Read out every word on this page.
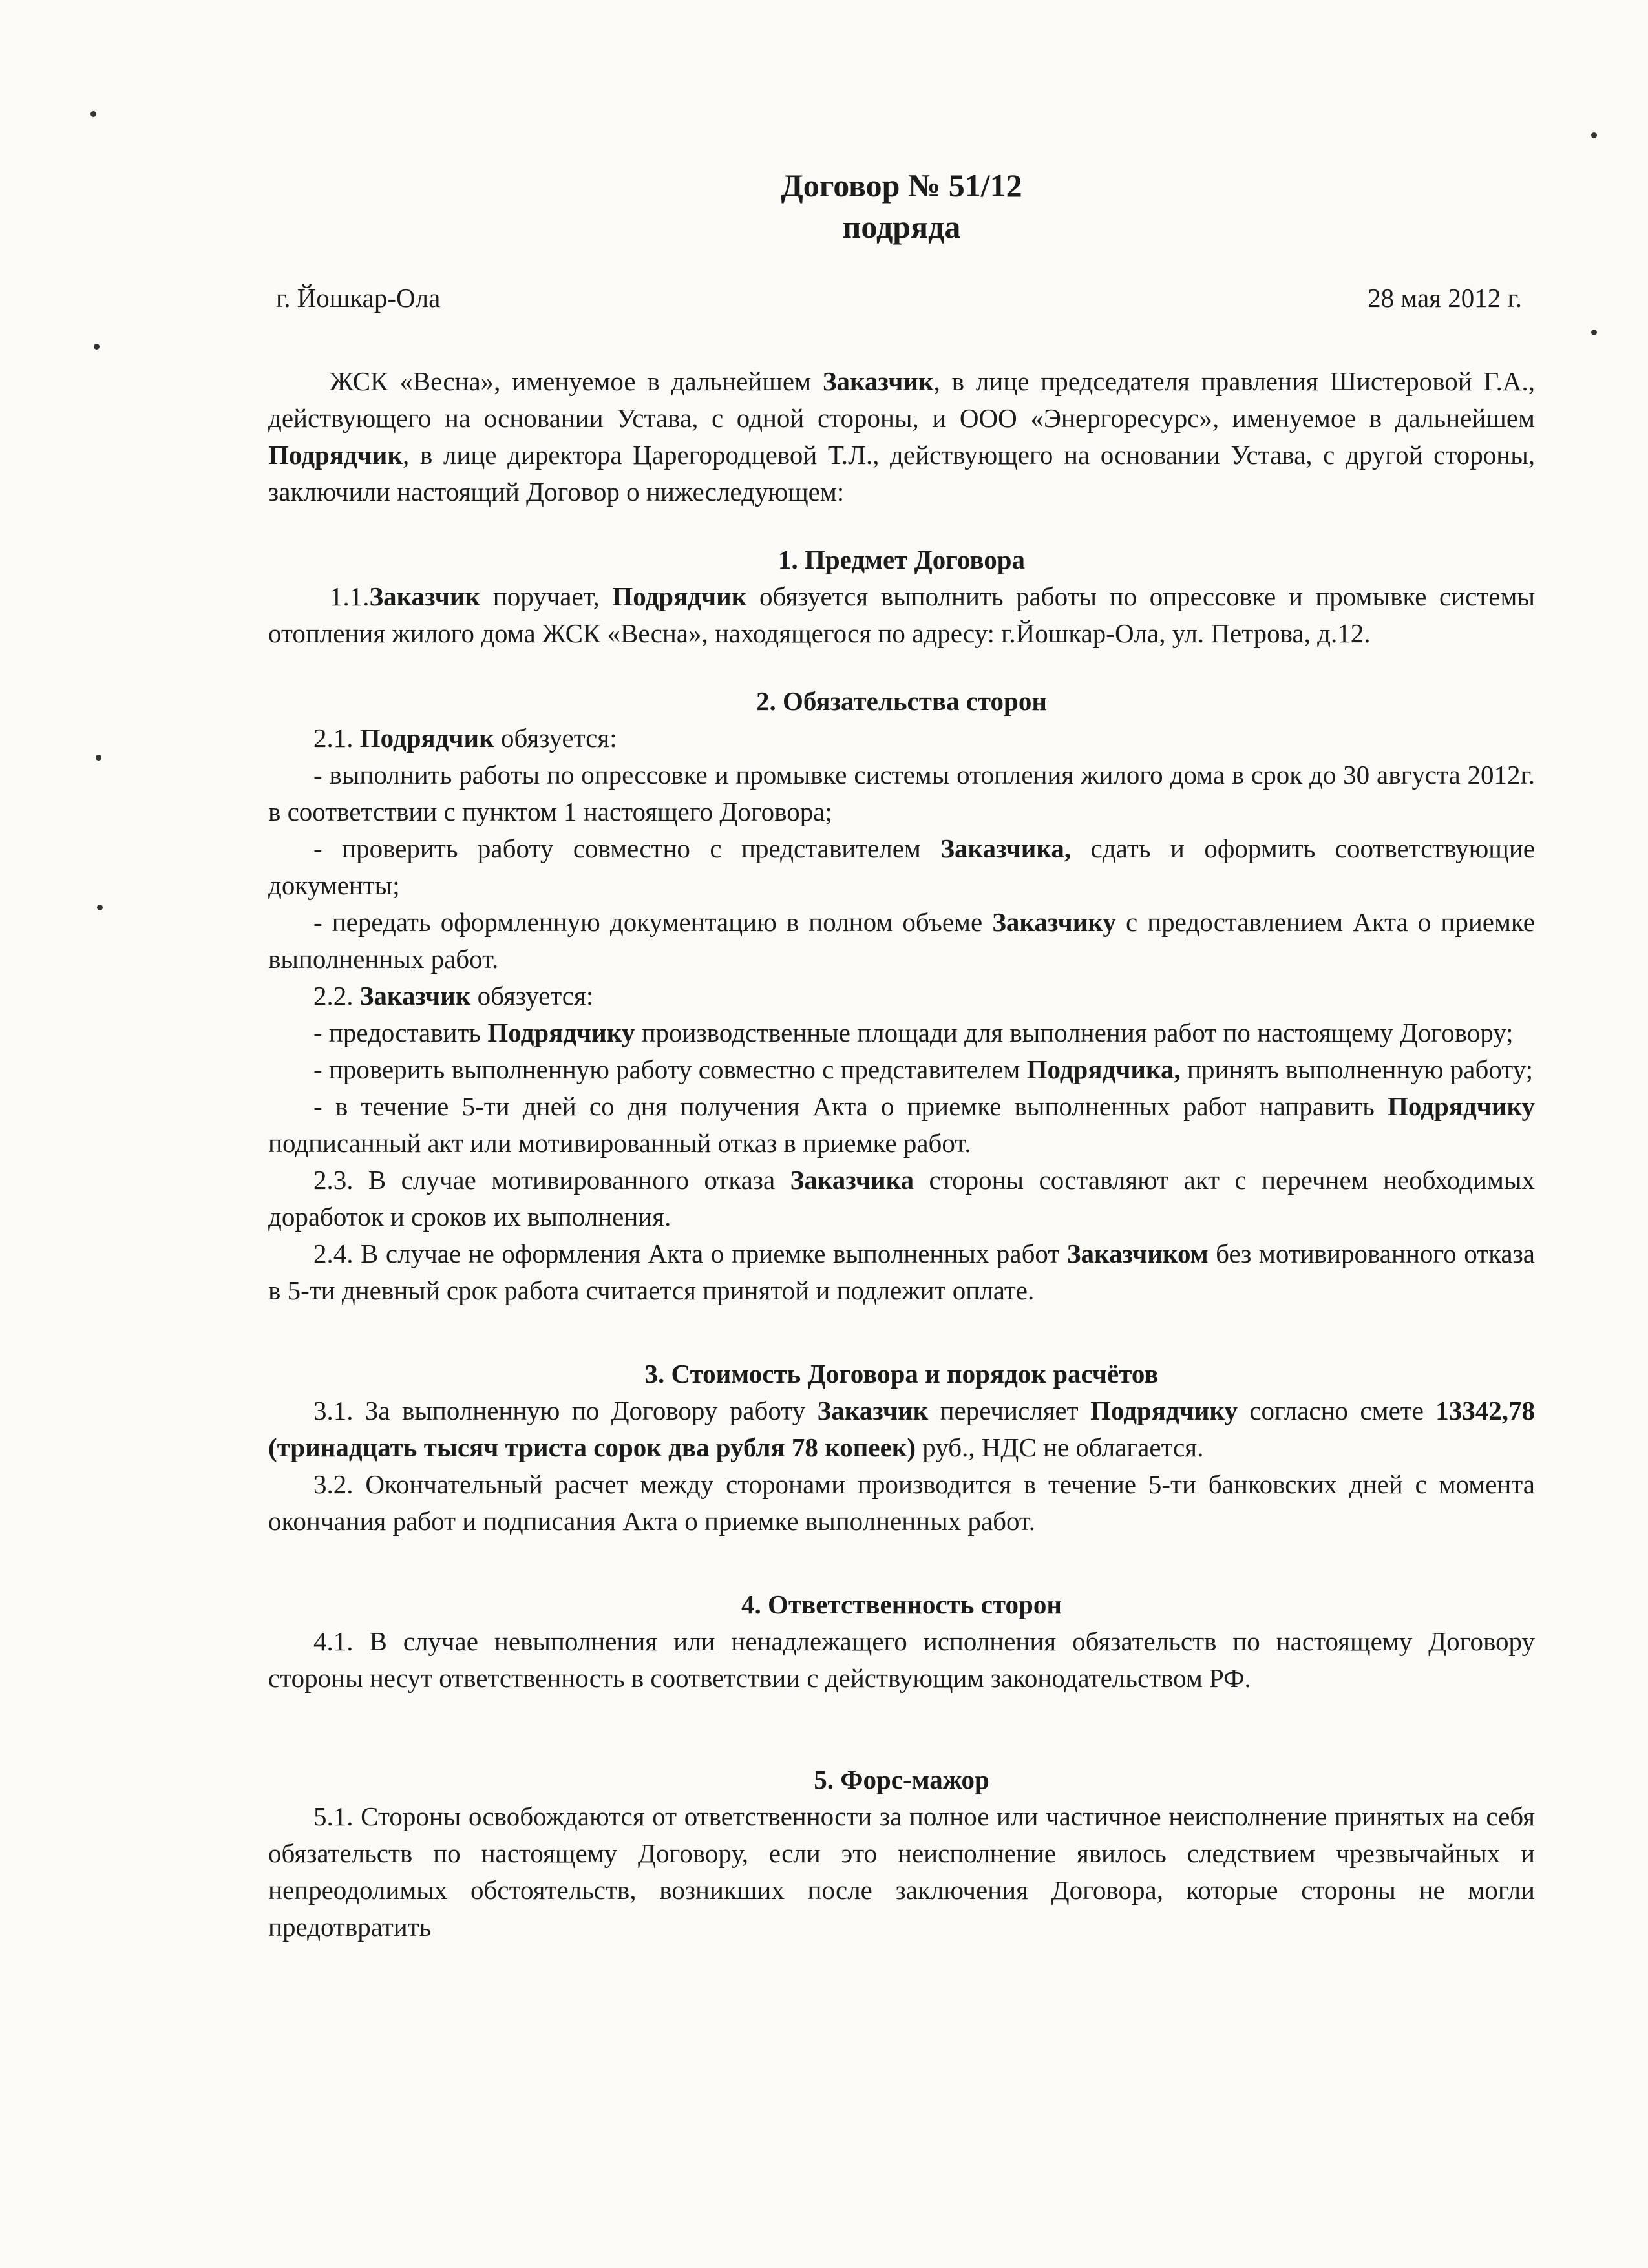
Договор № 51/12

подряда

г. Йошкар-Ола	28 мая 2012 г.

ЖСК «Весна», именуемое в дальнейшем Заказчик, в лице председателя правления Шистеровой Г.А., действующего на основании Устава, с одной стороны, и ООО «Энергоресурс», именуемое в дальнейшем Подрядчик, в лице директора Царегородцевой Т.Л., действующего на основании Устава, с другой стороны, заключили настоящий Договор о нижеследующем:

1. Предмет Договора

1.1.Заказчик поручает, Подрядчик обязуется выполнить работы по опрессовке и промывке системы отопления жилого дома ЖСК «Весна», находящегося по адресу: г.Йошкар-Ола, ул. Петрова, д.12.

2. Обязательства сторон

2.1. Подрядчик обязуется:

- выполнить работы по опрессовке и промывке системы отопления жилого дома в срок до 30 августа 2012г. в соответствии с пунктом 1 настоящего Договора;

- проверить работу совместно с представителем Заказчика, сдать и оформить соответствующие документы;

- передать оформленную документацию в полном объеме Заказчику с предоставлением Акта о приемке выполненных работ.

2.2. Заказчик обязуется:

- предоставить Подрядчику производственные площади для выполнения работ по настоящему Договору;

- проверить выполненную работу совместно с представителем Подрядчика, принять выполненную работу;

- в течение 5-ти дней со дня получения Акта о приемке выполненных работ направить Подрядчику подписанный акт или мотивированный отказ в приемке работ.

2.3. В случае мотивированного отказа Заказчика стороны составляют акт с перечнем необходимых доработок и сроков их выполнения.

2.4. В случае не оформления Акта о приемке выполненных работ Заказчиком без мотивированного отказа в 5-ти дневный срок работа считается принятой и подлежит оплате.

3. Стоимость Договора и порядок расчётов

3.1. За выполненную по Договору работу Заказчик перечисляет Подрядчику согласно смете 13342,78 (тринадцать тысяч триста сорок два рубля 78 копеек) руб., НДС не облагается.

3.2. Окончательный расчет между сторонами производится в течение 5-ти банковских дней с момента окончания работ и подписания Акта о приемке выполненных работ.

4. Ответственность сторон

4.1. В случае невыполнения или ненадлежащего исполнения обязательств по настоящему Договору стороны несут ответственность в соответствии с действующим законодательством РФ.

5. Форс-мажор

5.1. Стороны освобождаются от ответственности за полное или частичное неисполнение принятых на себя обязательств по настоящему Договору, если это неисполнение явилось следствием чрезвычайных и непреодолимых обстоятельств, возникших после заключения Договора, которые стороны не могли предотвратить
